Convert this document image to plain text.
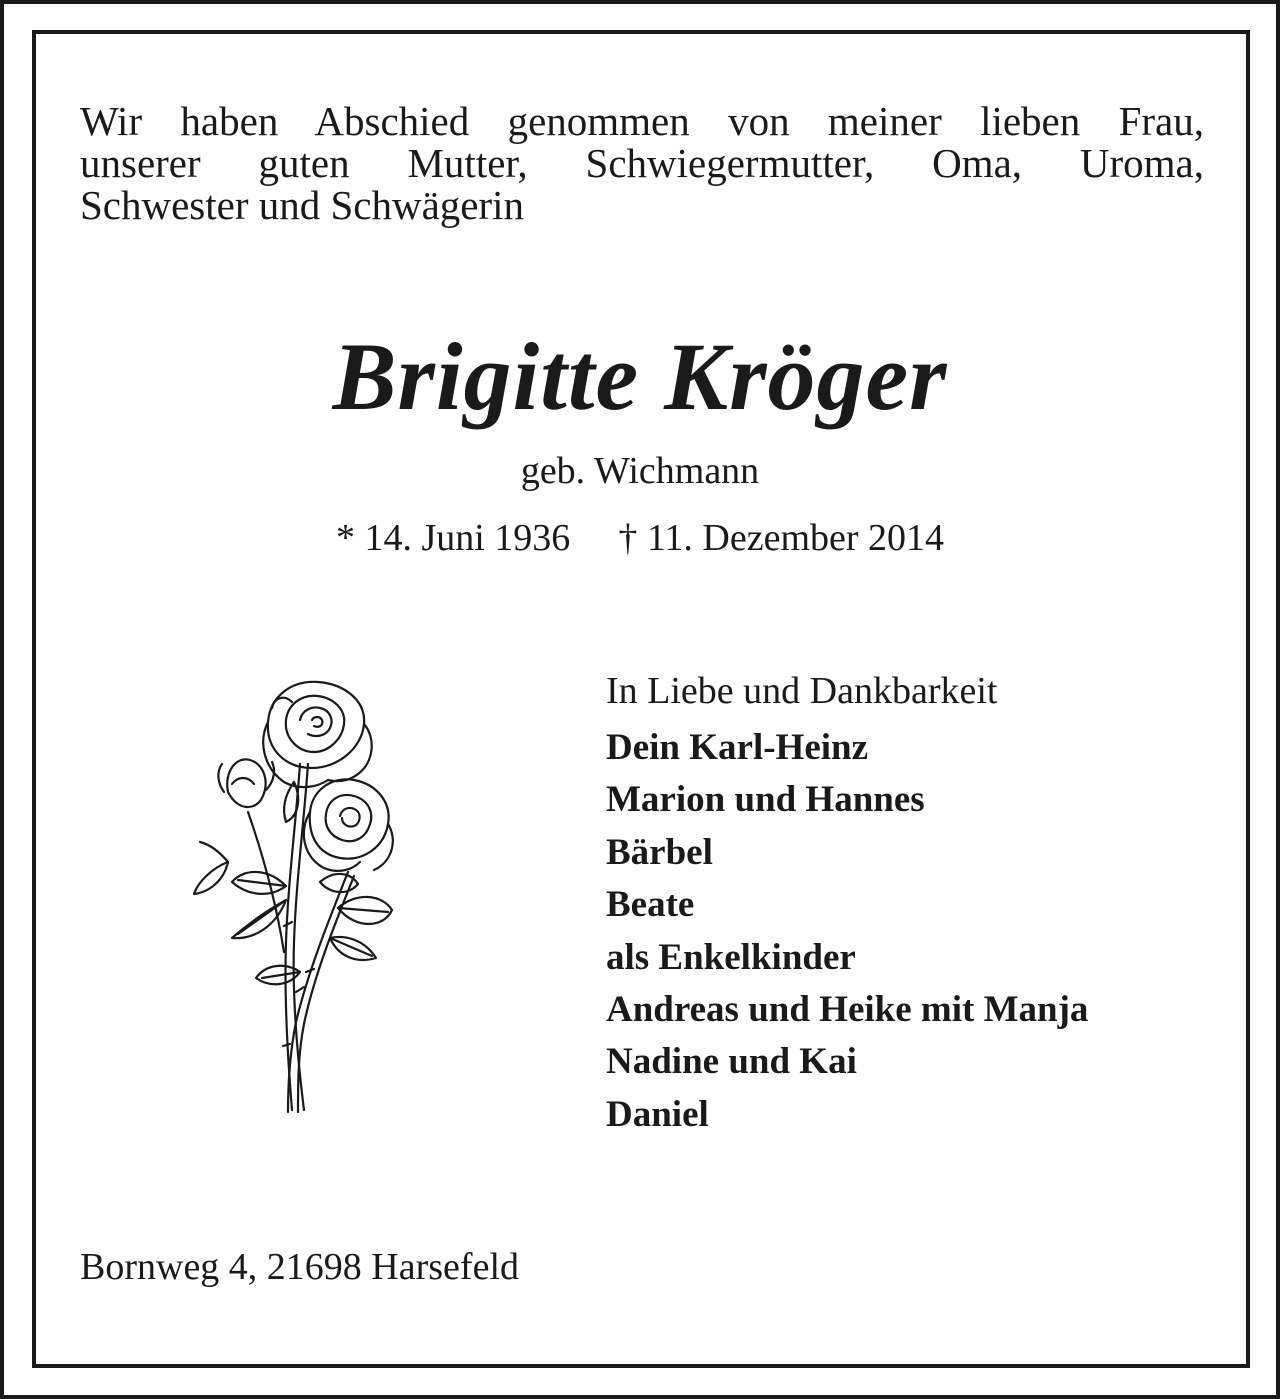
Wir haben Abschied genommen von meiner lieben Frau,
unserer guten Mutter, Schwiegermutter, Oma, Uroma,
Schwester und Schwägerin

Brigitte Kröger
geb. Wichmann
* 14. Juni 1936 † 11. Dezember 2014
In Liebe und Dankbarkeit
Dein Karl-Heinz
Marion und Hannes
Bärbel
Beate
als Enkelkinder
Andreas und Heike mit Manja
Nadine und Kai
Daniel
Bornweg 4, 21698 Harsefeld
